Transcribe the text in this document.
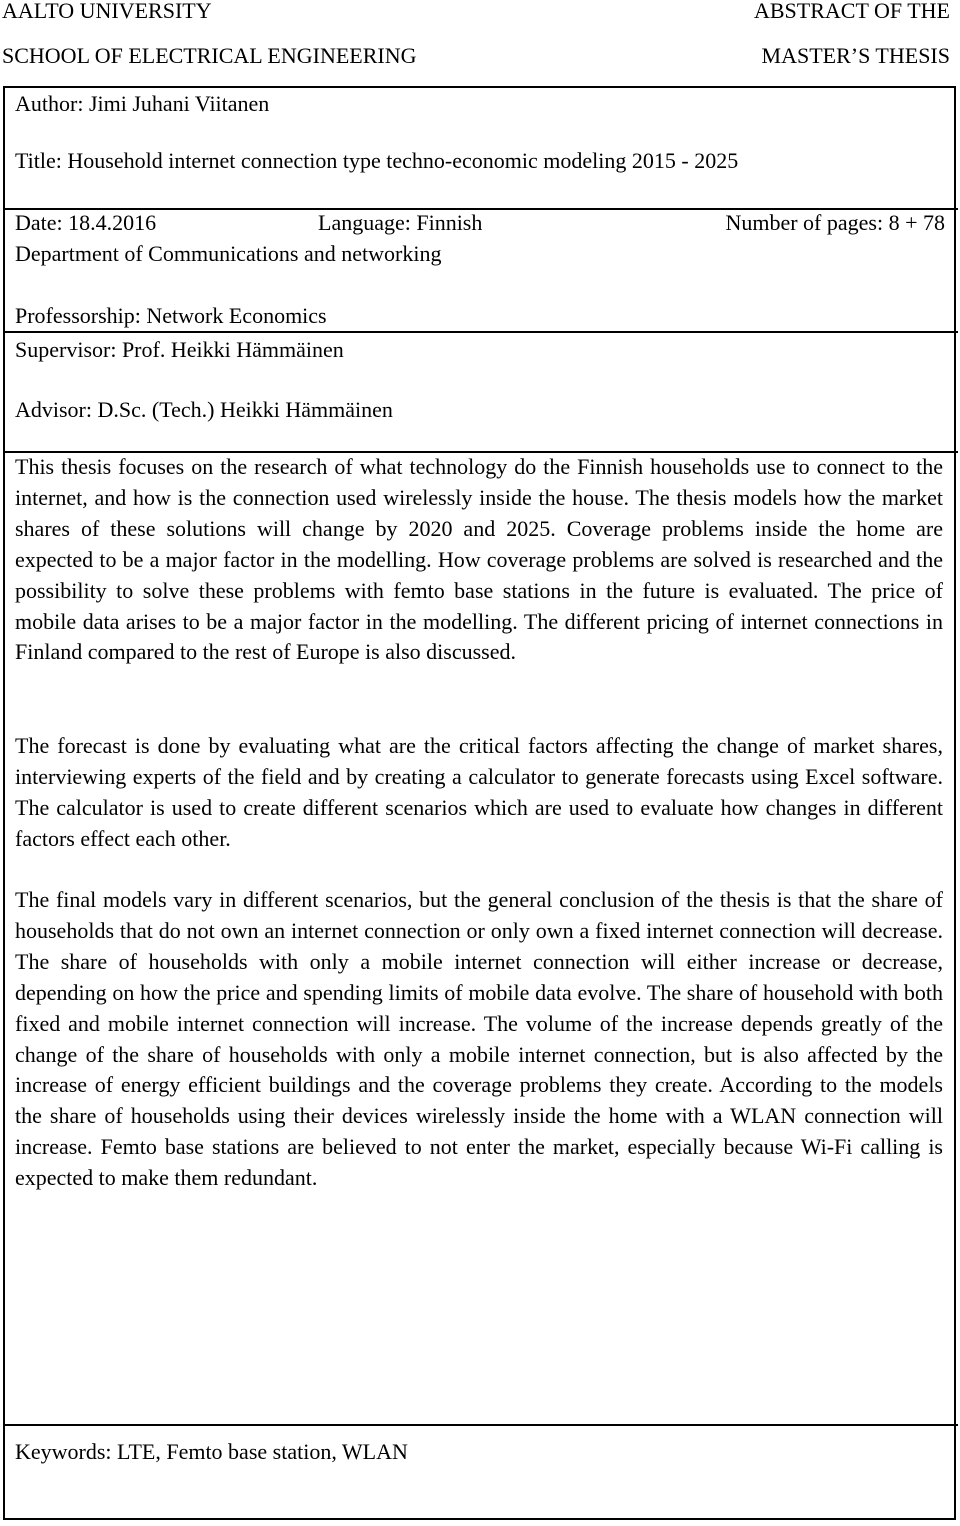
AALTO UNIVERSITY
SCHOOL OF ELECTRICAL ENGINEERING
ABSTRACT OF THE
MASTER’S THESIS
Author: Jimi Juhani Viitanen
Title: Household internet connection type techno-economic modeling 2015 - 2025
Date: 18.4.2016	Language: Finnish	Number of pages: 8 + 78
Department of Communications and networking
Professorship: Network Economics
Supervisor: Prof. Heikki Hämmäinen
Advisor: D.Sc. (Tech.) Heikki Hämmäinen
This thesis focuses on the research of what technology do the Finnish households use to connect to the internet, and how is the connection used wirelessly inside the house. The thesis models how the market shares of these solutions will change by 2020 and 2025. Coverage problems inside the home are expected to be a major factor in the modelling. How coverage problems are solved is researched and the possibility to solve these problems with femto base stations in the future is evaluated. The price of mobile data arises to be a major factor in the modelling. The different pricing of internet connections in Finland compared to the rest of Europe is also discussed.
The forecast is done by evaluating what are the critical factors affecting the change of market shares, interviewing experts of the field and by creating a calculator to generate forecasts using Excel software. The calculator is used to create different scenarios which are used to evaluate how changes in different factors effect each other.
The final models vary in different scenarios, but the general conclusion of the thesis is that the share of households that do not own an internet connection or only own a fixed internet connection will decrease. The share of households with only a mobile internet connection will either increase or decrease, depending on how the price and spending limits of mobile data evolve. The share of household with both fixed and mobile internet connection will increase. The volume of the increase depends greatly of the change of the share of households with only a mobile internet connection, but is also affected by the increase of energy efficient buildings and the coverage problems they create. According to the models the share of households using their devices wirelessly inside the home with a WLAN connection will increase. Femto base stations are believed to not enter the market, especially because Wi-Fi calling is expected to make them redundant.
Keywords: LTE, Femto base station, WLAN
